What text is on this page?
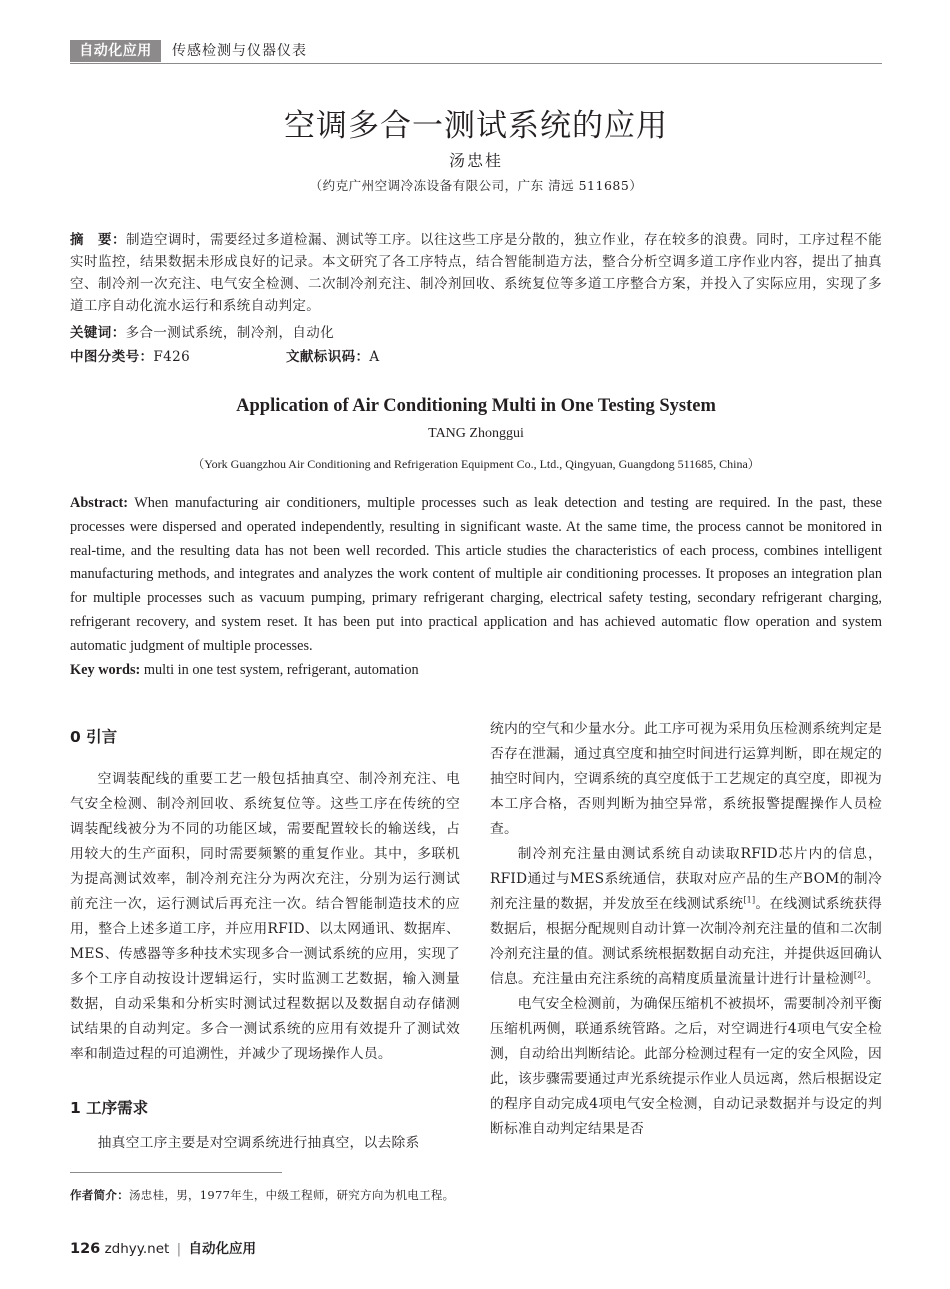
自动化应用	传感检测与仪器仪表
空调多合一测试系统的应用
汤忠桂
（约克广州空调冷冻设备有限公司，广东 清远 511685）
摘　要：制造空调时，需要经过多道检漏、测试等工序。以往这些工序是分散的，独立作业，存在较多的浪费。同时，工序过程不能实时监控，结果数据未形成良好的记录。本文研究了各工序特点，结合智能制造方法，整合分析空调多道工序作业内容，提出了抽真空、制冷剂一次充注、电气安全检测、二次制冷剂充注、制冷剂回收、系统复位等多道工序整合方案，并投入了实际应用，实现了多道工序自动化流水运行和系统自动判定。
关键词：多合一测试系统，制冷剂，自动化
中图分类号：F426	文献标识码：A
Application of Air Conditioning Multi in One Testing System
TANG Zhonggui
（York Guangzhou Air Conditioning and Refrigeration Equipment Co., Ltd., Qingyuan, Guangdong 511685, China）
Abstract: When manufacturing air conditioners, multiple processes such as leak detection and testing are required. In the past, these processes were dispersed and operated independently, resulting in significant waste. At the same time, the process cannot be monitored in real-time, and the resulting data has not been well recorded. This article studies the characteristics of each process, combines intelligent manufacturing methods, and integrates and analyzes the work content of multiple air conditioning processes. It proposes an integration plan for multiple processes such as vacuum pumping, primary refrigerant charging, electrical safety testing, secondary refrigerant charging, refrigerant recovery, and system reset. It has been put into practical application and has achieved automatic flow operation and system automatic judgment of multiple processes.
Key words: multi in one test system, refrigerant, automation
0 引言

空调装配线的重要工艺一般包括抽真空、制冷剂充注、电气安全检测、制冷剂回收、系统复位等。这些工序在传统的空调装配线被分为不同的功能区域，需要配置较长的输送线，占用较大的生产面积，同时需要频繁的重复作业。其中，多联机为提高测试效率，制冷剂充注分为两次充注，分别为运行测试前充注一次，运行测试后再充注一次。结合智能制造技术的应用，整合上述多道工序，并应用RFID、以太网通讯、数据库、MES、传感器等多种技术实现多合一测试系统的应用，实现了多个工序自动按设计逻辑运行，实时监测工艺数据，输入测量数据，自动采集和分析实时测试过程数据以及数据自动存储测试结果的自动判定。多合一测试系统的应用有效提升了测试效率和制造过程的可追溯性，并减少了现场操作人员。

1 工序需求

抽真空工序主要是对空调系统进行抽真空，以去除系

统内的空气和少量水分。此工序可视为采用负压检测系统判定是否存在泄漏，通过真空度和抽空时间进行运算判断，即在规定的抽空时间内，空调系统的真空度低于工艺规定的真空度，即视为本工序合格，否则判断为抽空异常，系统报警提醒操作人员检查。

制冷剂充注量由测试系统自动读取RFID芯片内的信息，RFID通过与MES系统通信，获取对应产品的生产BOM的制冷剂充注量的数据，并发放至在线测试系统[1]。在线测试系统获得数据后，根据分配规则自动计算一次制冷剂充注量的值和二次制冷剂充注量的值。测试系统根据数据自动充注，并提供返回确认信息。充注量由充注系统的高精度质量流量计进行计量检测[2]。

电气安全检测前，为确保压缩机不被损坏，需要制冷剂平衡压缩机两侧，联通系统管路。之后，对空调进行4项电气安全检测，自动给出判断结论。此部分检测过程有一定的安全风险，因此，该步骤需要通过声光系统提示作业人员远离，然后根据设定的程序自动完成4项电气安全检测，自动记录数据并与设定的判断标准自动判定结果是否

作者简介：汤忠桂，男，1977年生，中级工程师，研究方向为机电工程。
126 zdhyy.net | 自动化应用
